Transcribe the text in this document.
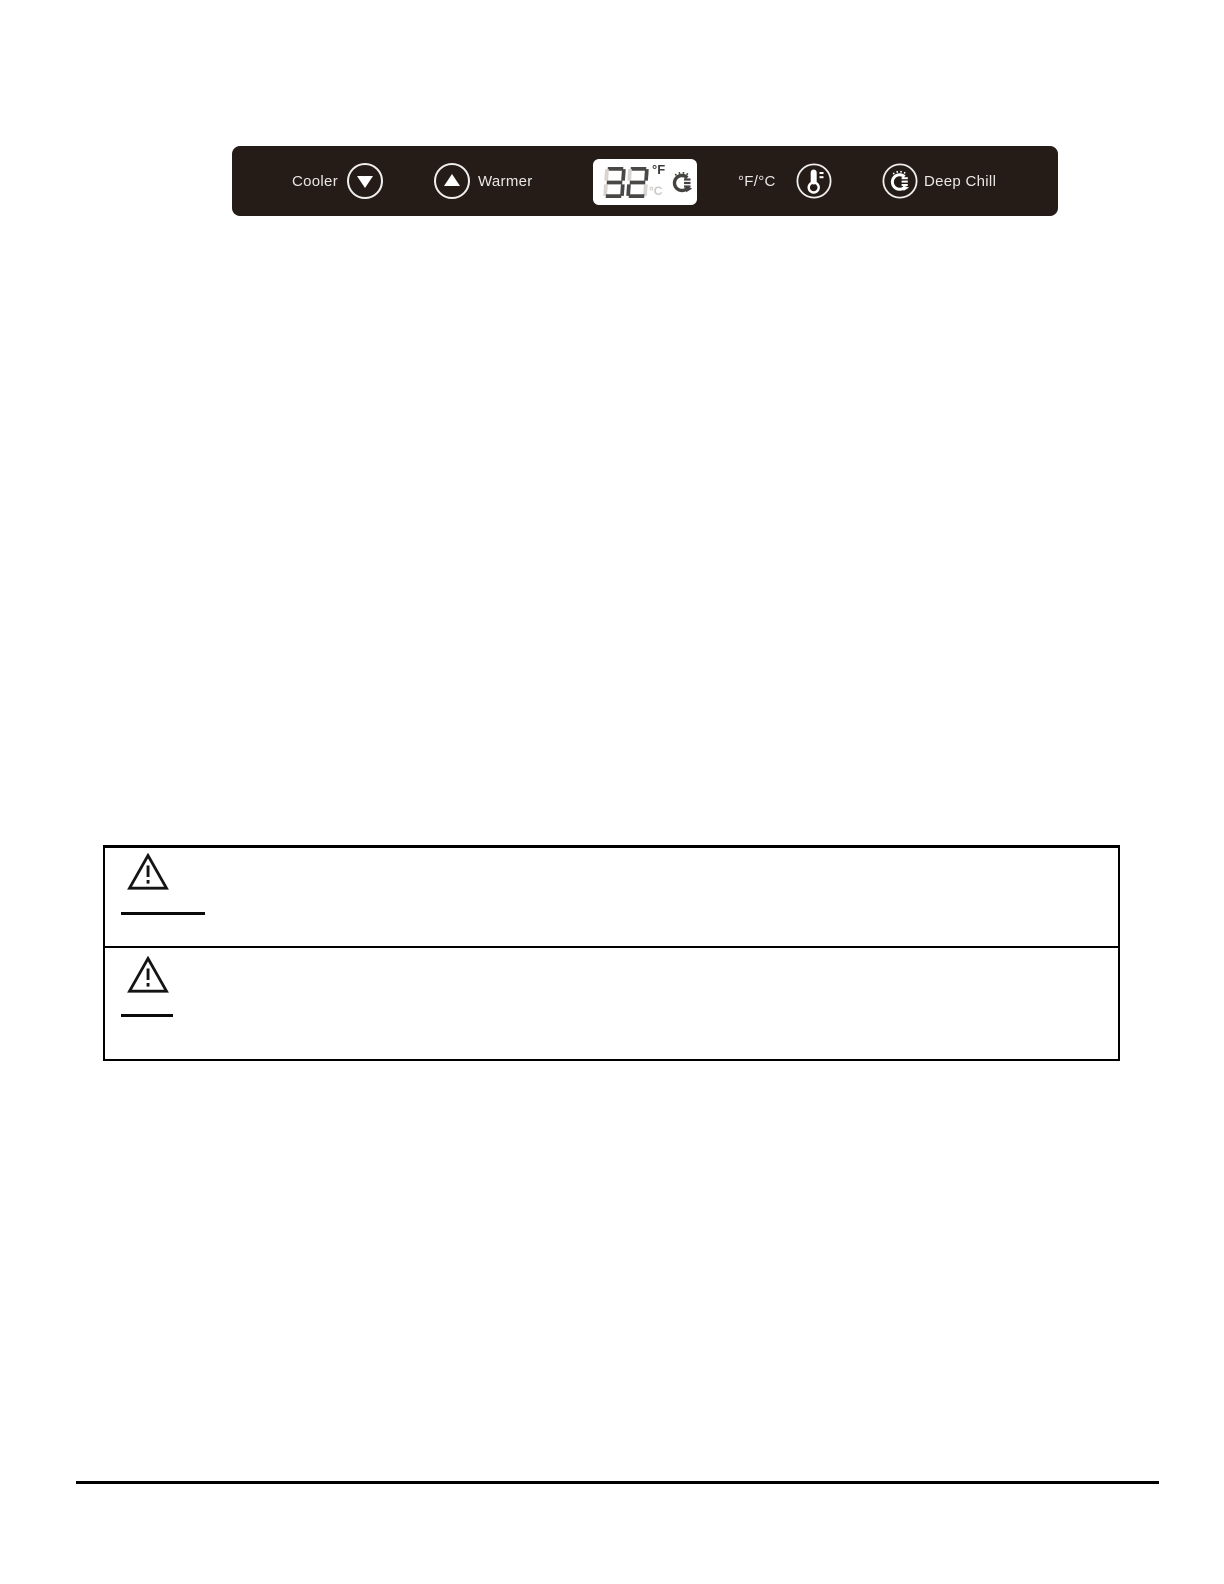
Cooler	Warmer
°F
°C
°F/°C	Deep Chill
